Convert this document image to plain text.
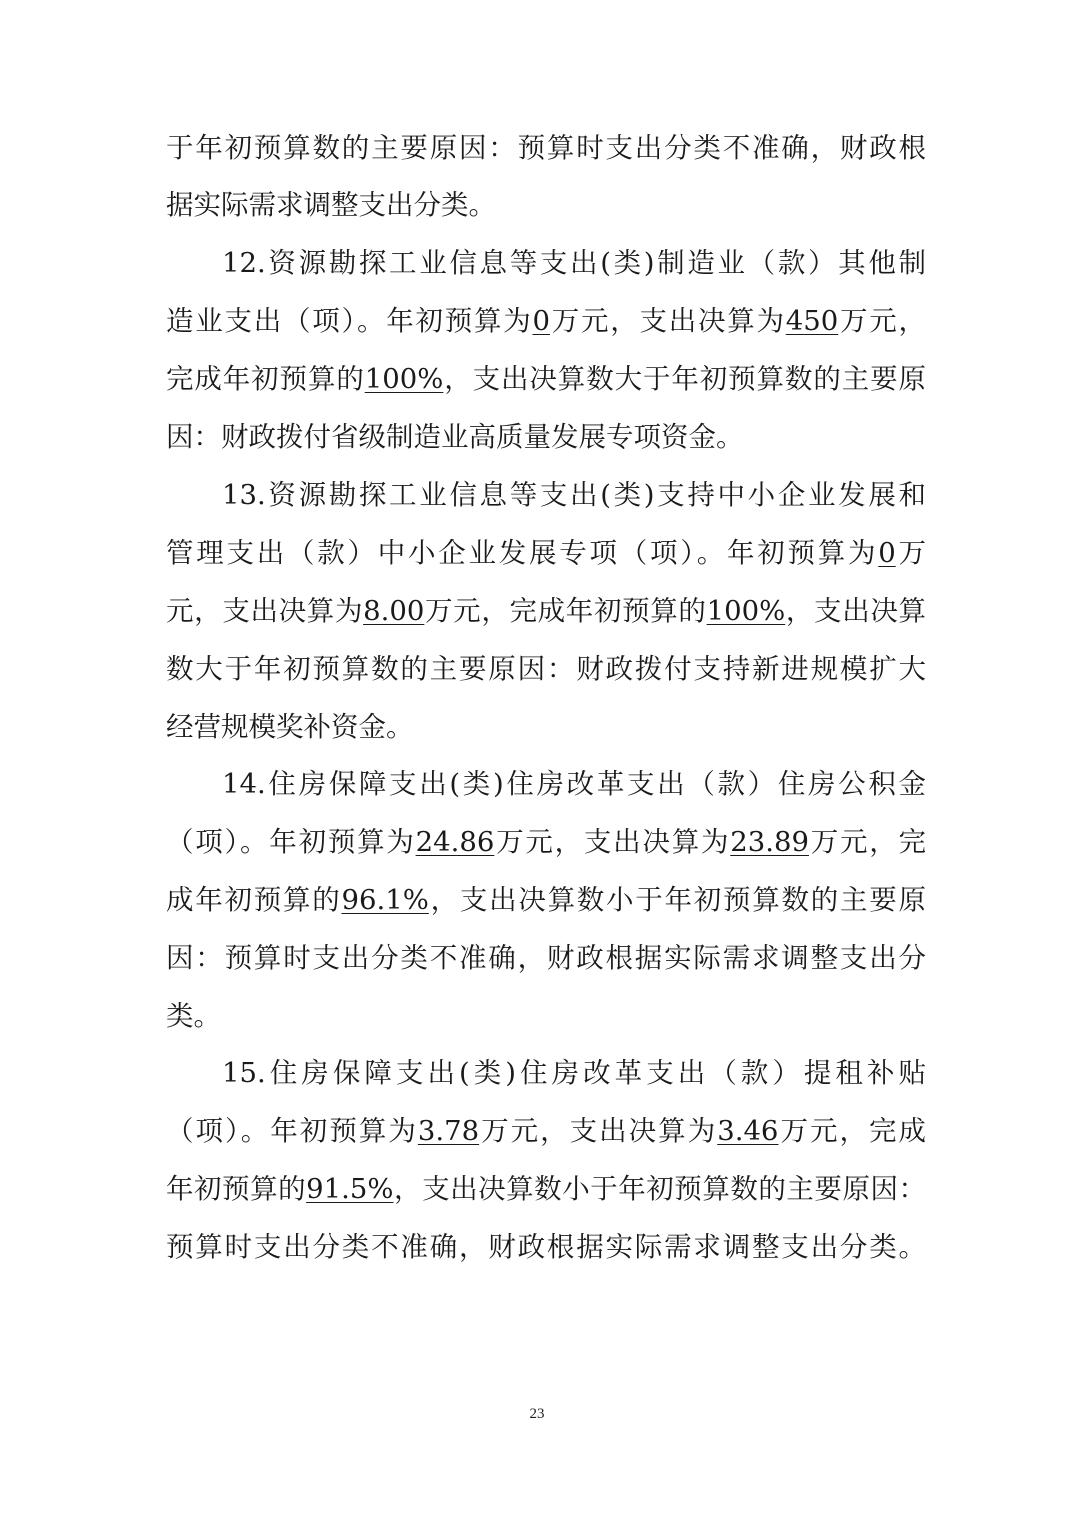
于年初预算数的主要原因：预算时支出分类不准确，财政根
据实际需求调整支出分类。
12.资源勘探工业信息等支出(类)制造业（款）其他制
造业支出（项）。年初预算为0万元，支出决算为450万元，
完成年初预算的100%，支出决算数大于年初预算数的主要原
因：财政拨付省级制造业高质量发展专项资金。
13.资源勘探工业信息等支出(类)支持中小企业发展和
管理支出（款）中小企业发展专项（项）。年初预算为0万
元，支出决算为8.00万元，完成年初预算的100%，支出决算
数大于年初预算数的主要原因：财政拨付支持新进规模扩大
经营规模奖补资金。
14.住房保障支出(类)住房改革支出（款）住房公积金
（项）。年初预算为24.86万元，支出决算为23.89万元，完
成年初预算的96.1%，支出决算数小于年初预算数的主要原
因：预算时支出分类不准确，财政根据实际需求调整支出分
类。
15.住房保障支出(类)住房改革支出（款）提租补贴
（项）。年初预算为3.78万元，支出决算为3.46万元，完成
年初预算的91.5%，支出决算数小于年初预算数的主要原因：
预算时支出分类不准确，财政根据实际需求调整支出分类。
23
